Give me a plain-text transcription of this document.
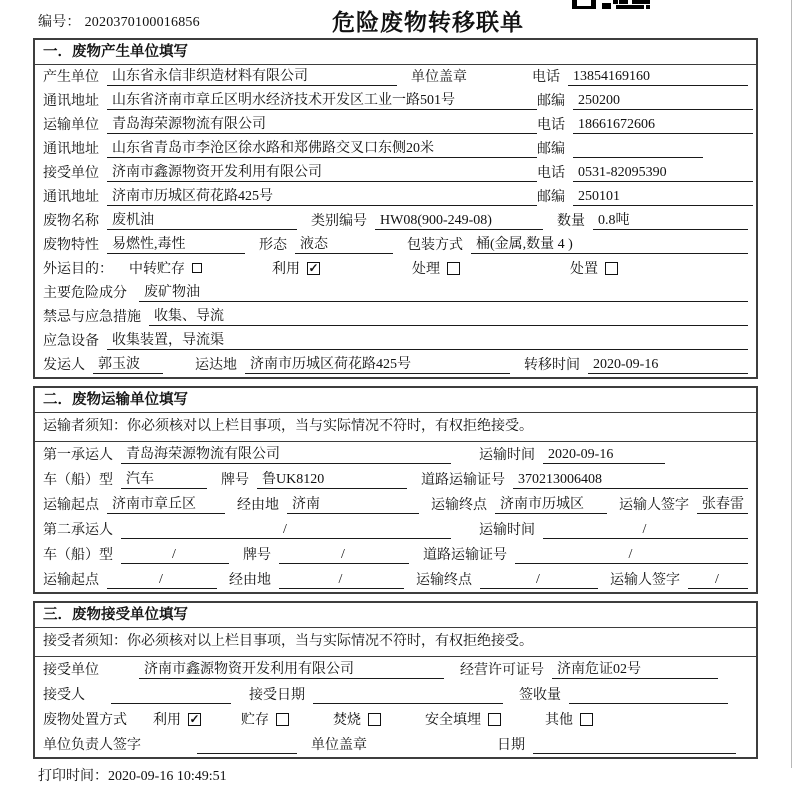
编号： 2020370100016856	危险废物转移联单
一．废物产生单位填写
产生单位 山东省永信非织造材料有限公司	单位盖章	电话 13854169160
通讯地址 山东省济南市章丘区明水经济技术开发区工业一路501号	邮编 250200
运输单位 青岛海荣源物流有限公司	电话 18661672606
通讯地址 山东省青岛市李沧区徐水路和郑佛路交叉口东侧20米	邮编
接受单位 济南市鑫源物资开发利用有限公司	电话 0531-82095390
通讯地址 济南市历城区荷花路425号	邮编 250101
废物名称 废机油	类别编号 HW08(900-249-08)	数量 0.8吨
废物特性 易燃性,毒性	形态 液态	包装方式 桶(金属,数量 4 )
外运目的： 中转贮存	利用 ✓	处理	处置
主要危险成分	废矿物油
禁忌与应急措施 收集、导流
应急设备 收集装置，导流渠
发运人 郭玉波	运达地 济南市历城区荷花路425号	转移时间 2020-09-16
二．废物运输单位填写
运输者须知：你必须核对以上栏目事项，当与实际情况不符时，有权拒绝接受。
第一承运人 青岛海荣源物流有限公司	运输时间 2020-09-16
车（船）型 汽车	牌号 鲁UK8120	道路运输证号 370213006408
运输起点 济南市章丘区	经由地 济南	运输终点 济南市历城区	运输人签字 张春雷
第二承运人	/	运输时间	/
车（船）型	/	牌号	/	道路运输证号	/
运输起点	/	经由地	/	运输终点	/	运输人签字	/
三．废物接受单位填写
接受者须知：你必须核对以上栏目事项，当与实际情况不符时，有权拒绝接受。
接受单位	济南市鑫源物资开发利用有限公司	经营许可证号 济南危证02号
接受人	接受日期	签收量
废物处置方式 利用 ✓	贮存	焚烧	安全填埋	其他
单位负责人签字	单位盖章	日期
打印时间：2020-09-16 10:49:51
